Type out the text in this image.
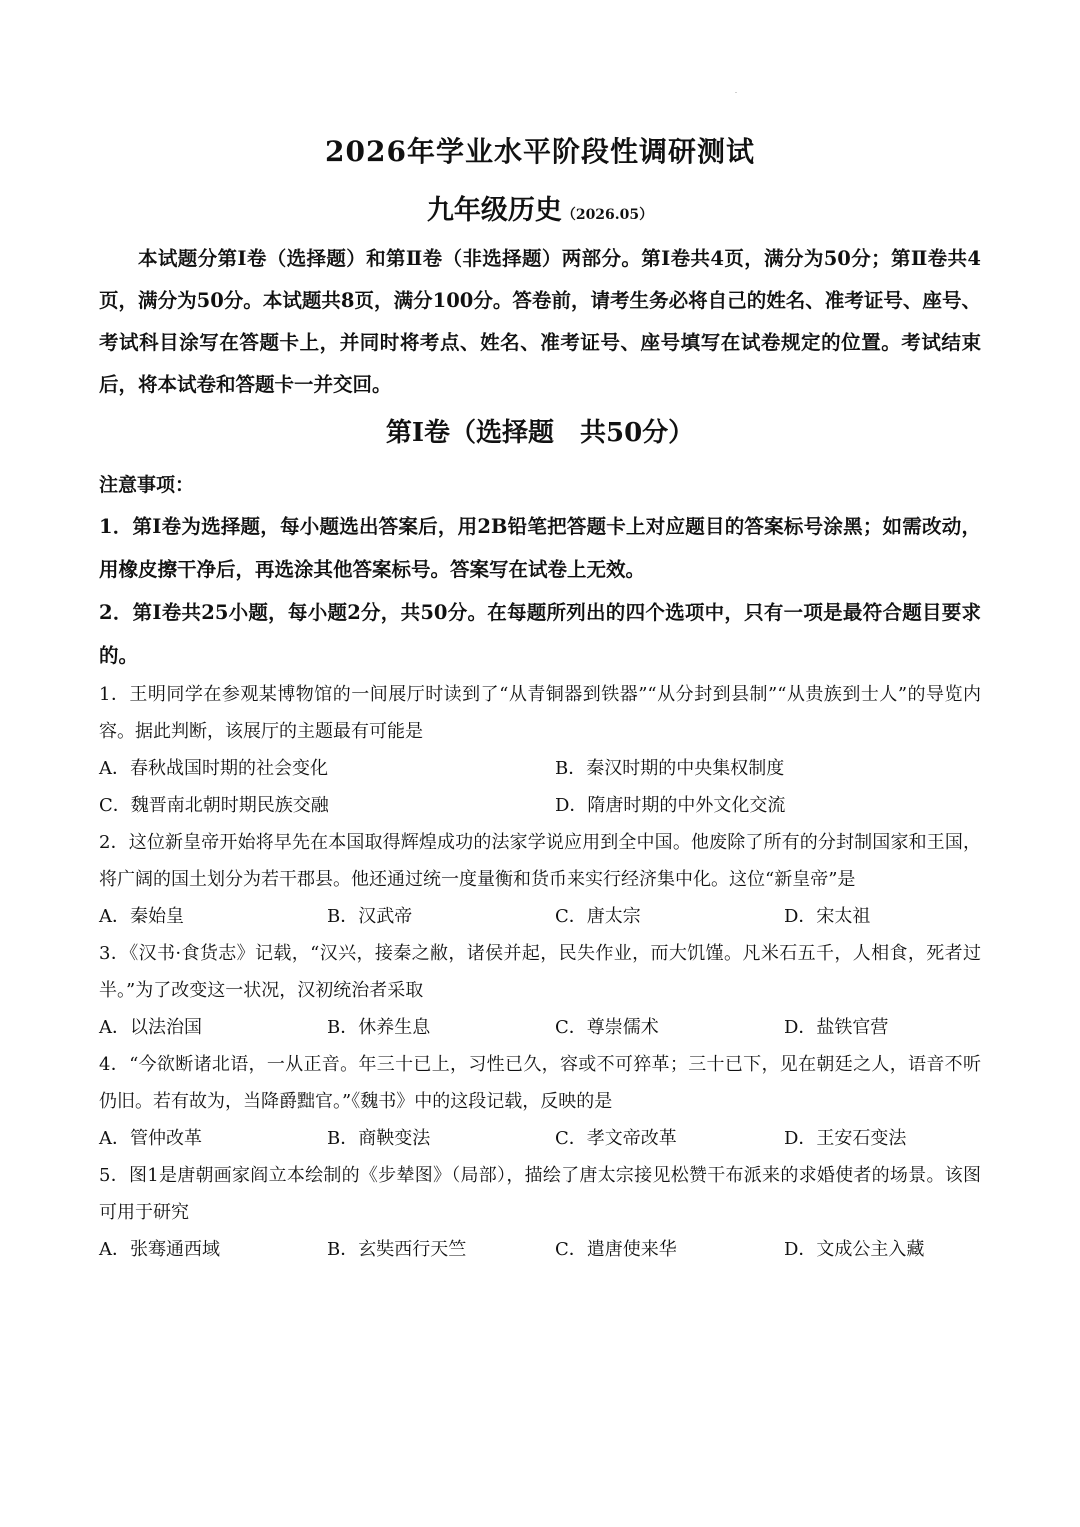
2026年学业水平阶段性调研测试
九年级历史（2026.05）

本试题分第Ⅰ卷（选择题）和第Ⅱ卷（非选择题）两部分。第Ⅰ卷共4页，满分为50分；第Ⅱ卷共4页，满分为50分。本试题共8页，满分100分。答卷前，请考生务必将自己的姓名、准考证号、座号、考试科目涂写在答题卡上，并同时将考点、姓名、准考证号、座号填写在试卷规定的位置。考试结束后，将本试卷和答题卡一并交回。

第Ⅰ卷（选择题　共50分）
注意事项：

1．第Ⅰ卷为选择题，每小题选出答案后，用2B铅笔把答题卡上对应题目的答案标号涂黑；如需改动，用橡皮擦干净后，再选涂其他答案标号。答案写在试卷上无效。

2．第Ⅰ卷共25小题，每小题2分，共50分。在每题所列出的四个选项中，只有一项是最符合题目要求的。

1．王明同学在参观某博物馆的一间展厅时读到了“从青铜器到铁器”“从分封到县制”“从贵族到士人”的导览内容。据此判断，该展厅的主题最有可能是

A．春秋战国时期的社会变化	B．秦汉时期的中央集权制度
C．魏晋南北朝时期民族交融	D．隋唐时期的中外文化交流

2．这位新皇帝开始将早先在本国取得辉煌成功的法家学说应用到全中国。他废除了所有的分封制国家和王国，将广阔的国土划分为若干郡县。他还通过统一度量衡和货币来实行经济集中化。这位“新皇帝”是

A．秦始皇	B．汉武帝	C．唐太宗	D．宋太祖

3．《汉书·食货志》记载，“汉兴，接秦之敝，诸侯并起，民失作业，而大饥馑。凡米石五千，人相食，死者过半。”为了改变这一状况，汉初统治者采取

A．以法治国	B．休养生息	C．尊崇儒术	D．盐铁官营

4．“今欲断诸北语，一从正音。年三十已上，习性已久，容或不可猝革；三十已下，见在朝廷之人，语音不听仍旧。若有故为，当降爵黜官。”《魏书》中的这段记载，反映的是

A．管仲改革	B．商鞅变法	C．孝文帝改革	D．王安石变法

5．图1是唐朝画家阎立本绘制的《步辇图》（局部），描绘了唐太宗接见松赞干布派来的求婚使者的场景。该图可用于研究

A．张骞通西域	B．玄奘西行天竺	C．遣唐使来华	D．文成公主入藏
